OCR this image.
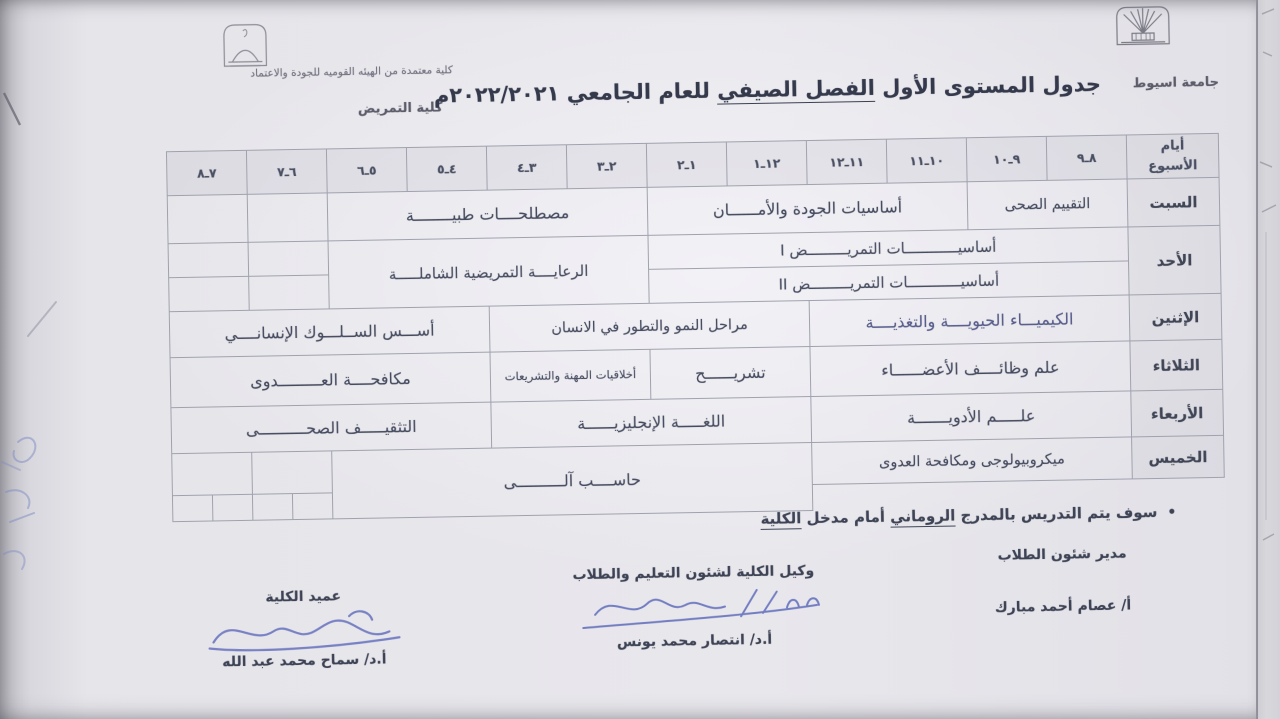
كلية معتمدة من الهيئه القوميه للجودة والاعتماد
كلية التمريض
جامعة اسيوط
جدول المستوى الأول الفصل الصيفي للعام الجامعي ٢٠٢٢/٢٠٢١م
أيام
الأسبوع	٨ـ٩	٩ـ١٠	١٠ـ١١	١١ـ١٢	١٢ـ١	١ـ٢	٢ـ٣	٣ـ٤	٤ـ٥	٥ـ٦	٦ـ٧		٧ـ٨	
السبت	التقييم الصحى		أساسيات الجودة والأمــــــان				مصطلحــــات طبيــــــــة							
الأحد	أساسيــــــــــــات التمريـــــــــض I						الرعايــــة التمريضية الشاملـــــة							
	أساسيــــــــــــات التمريـــــــــض II													
الإثنين	الكيميـــاء الحيويــــة والتغذيــــة				مراحل النمو والتطور في الانسان				أســـس الســلـــوك الإنسانــــي					
الثلاثاء	علم وظائــــف الأعضــــــاء				تشريــــــح		أخلاقيات المهنة والتشريعات		مكافحــــة العـــــــــدوى					
الأربعاء	علـــــم الأدويـــــــة				اللغـــــة الإنجليزيــــــة				التثقيـــــف الصحــــــــــى					
الخميس	ميكروبيولوجى ومكافحة العدوى				حاســــب آلــــــــــى									

•سوف يتم التدريس بالمدرج الروماني أمام مدخل الكلية
مدير شئون الطلاب
أ/ عصام أحمد مبارك
وكيل الكلية لشئون التعليم والطلاب
أ.د/ انتصار محمد يونس
عميد الكلية
أ.د/ سماح محمد عبد الله
